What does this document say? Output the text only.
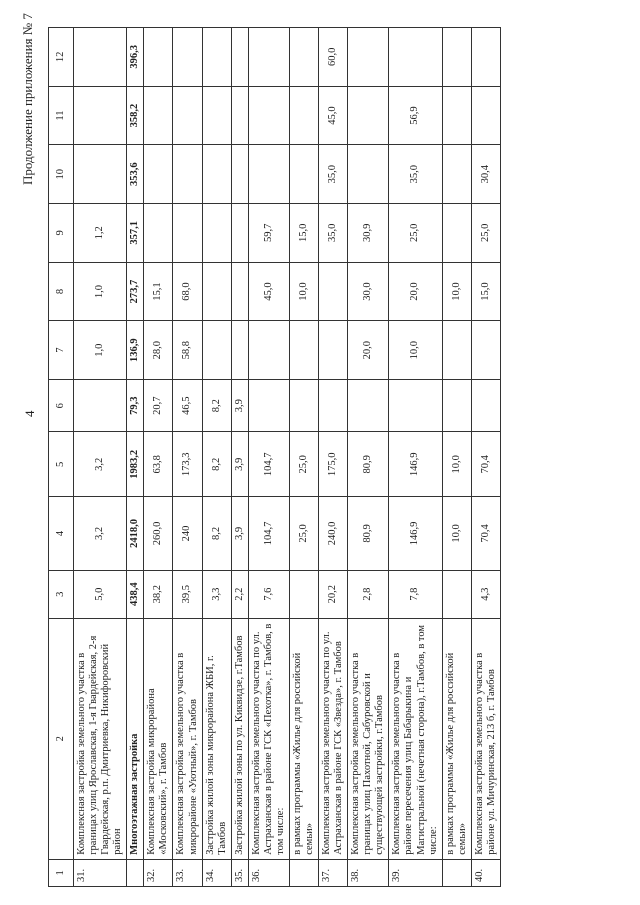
4
Продолжение приложения № 7
1	2	3	4	5	6	7	8	9	10	11	12
31.	Комплексная застройка земельного участка в границах улиц Ярославская, 1-я Гвардейская, 2-я Гвардейская, р.п. Дмитриевка, Никифоровский район	5,0	3,2	3,2		1,0	1,0	1,2			
	Многоэтажная застройка	438,4	2418,0	1983,2	79,3	136,9	273,7	357,1	353,6	358,2	396,3
32.	Комплексная застройка микрорайона «Московский», г. Тамбов	38,2	260,0	63,8	20,7	28,0	15,1				
33.	Комплексная застройка земельного участка в микрорайоне «Уютный», г. Тамбов	39,5	240	173,3	46,5	58,8	68,0				
34.	Застройка жилой зоны микрорайона ЖБИ, г. Тамбов	3,3	8,2	8,2	8,2						
35.	Застройка жилой зоны по ул. Киквидзе, г.Тамбов	2,2	3,9	3,9	3,9						
36.	Комплексная застройка земельного участка по ул. Астраханская в районе ГСК «Пехотка», г. Тамбов, в том числе:	7,6	104,7	104,7			45,0	59,7			
	в рамках программы «Жилье для российской семьи»		25,0	25,0			10,0	15,0			
37.	Комплексная застройка земельного участка по ул. Астраханская в районе ГСК «Звезда», г. Тамбов	20,2	240,0	175,0				35,0	35,0	45,0	60,0
38.	Комплексная застройка земельного участка в границах улиц Пахотной, Сабуровской и существующей застройки, г.Тамбов	2,8	80,9	80,9		20,0	30,0	30,9			
39.	Комплексная застройка земельного участка в районе пересечения улиц Бабарыкина и Магистральной (нечетная сторона), г.Тамбов, в том числе:	7,8	146,9	146,9		10,0	20,0	25,0	35,0	56,9	
	в рамках программы «Жилье для российской семьи»		10,0	10,0			10,0				
40.	Комплексная застройка земельного участка в районе ул. Мичуринская, 213 б, г. Тамбов	4,3	70,4	70,4			15,0	25,0	30,4		
